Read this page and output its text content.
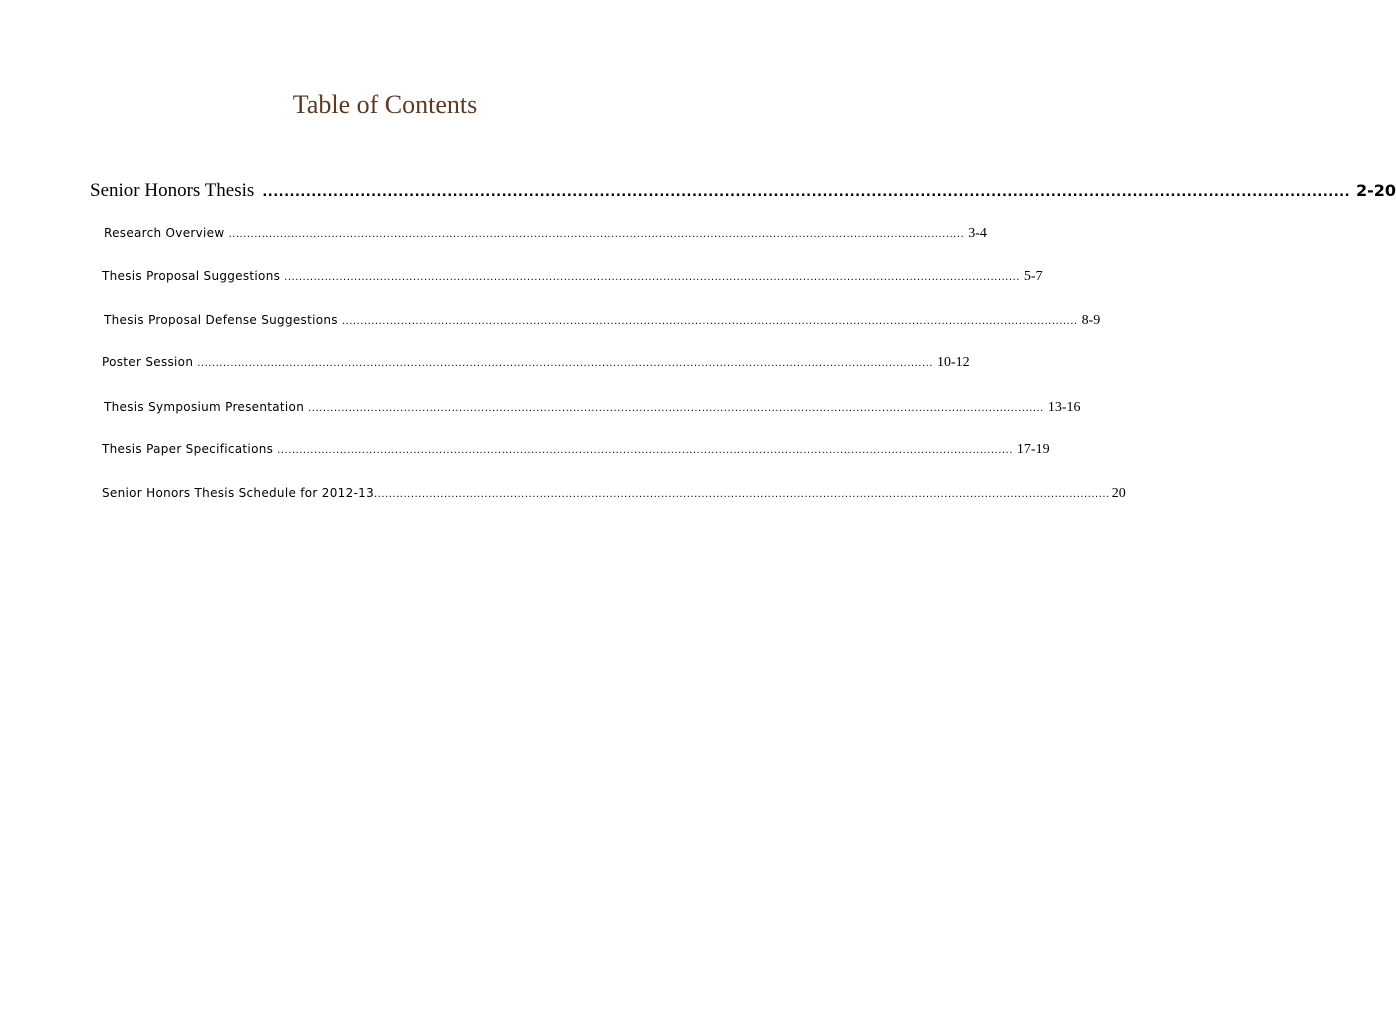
Table of Contents
Senior Honors Thesis ........................................................................................................................................................................................................ 2-20
Research Overview ........................................................................................................................................................................................................ 3-4
Thesis Proposal Suggestions ........................................................................................................................................................................................................ 5-7
Thesis Proposal Defense Suggestions ........................................................................................................................................................................................................ 8-9
Poster Session ........................................................................................................................................................................................................ 10-12
Thesis Symposium Presentation ........................................................................................................................................................................................................ 13-16
Thesis Paper Specifications ........................................................................................................................................................................................................ 17-19
Senior Honors Thesis Schedule for 2012-13 ........................................................................................................................................................................................................ 20
